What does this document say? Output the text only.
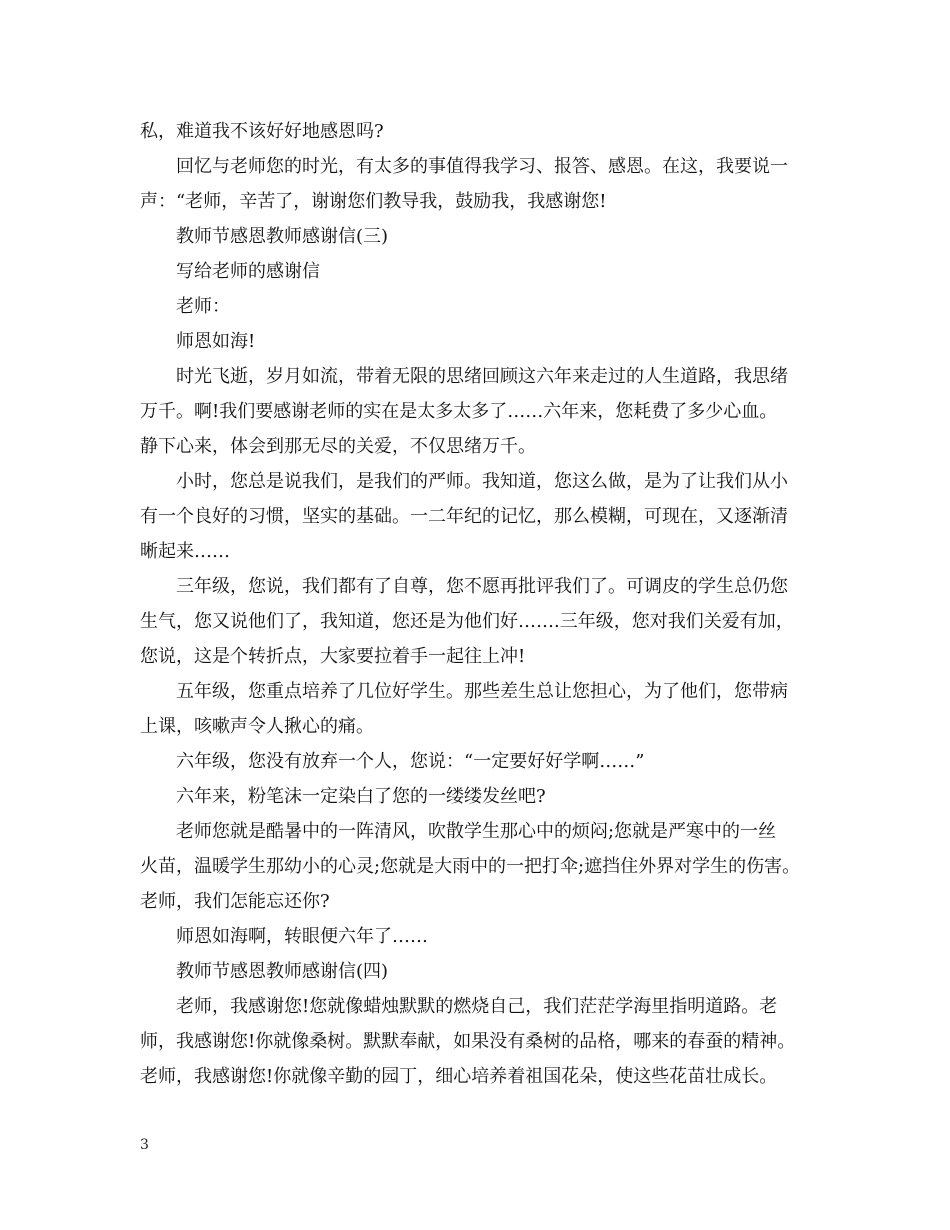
私，难道我不该好好地感恩吗?
回忆与老师您的时光，有太多的事值得我学习、报答、感恩。在这，我要说一
声：“老师，辛苦了，谢谢您们教导我，鼓励我，我感谢您!
教师节感恩教师感谢信(三)
写给老师的感谢信
老师：
师恩如海!
时光飞逝，岁月如流，带着无限的思绪回顾这六年来走过的人生道路，我思绪
万千。啊!我们要感谢老师的实在是太多太多了……六年来，您耗费了多少心血。
静下心来，体会到那无尽的关爱，不仅思绪万千。
小时，您总是说我们，是我们的严师。我知道，您这么做，是为了让我们从小
有一个良好的习惯，坚实的基础。一二年纪的记忆，那么模糊，可现在，又逐渐清
晰起来……
三年级，您说，我们都有了自尊，您不愿再批评我们了。可调皮的学生总仍您
生气，您又说他们了，我知道，您还是为他们好…….三年级，您对我们关爱有加，
您说，这是个转折点，大家要拉着手一起往上冲!
五年级，您重点培养了几位好学生。那些差生总让您担心，为了他们，您带病
上课，咳嗽声令人揪心的痛。
六年级，您没有放弃一个人，您说：“一定要好好学啊……”
六年来，粉笔沫一定染白了您的一缕缕发丝吧?
老师您就是酷暑中的一阵清风，吹散学生那心中的烦闷;您就是严寒中的一丝
火苗，温暖学生那幼小的心灵;您就是大雨中的一把打伞;遮挡住外界对学生的伤害。
老师，我们怎能忘还你?
师恩如海啊，转眼便六年了……
教师节感恩教师感谢信(四)
老师，我感谢您!您就像蜡烛默默的燃烧自己，我们茫茫学海里指明道路。老
师，我感谢您!你就像桑树。默默奉献，如果没有桑树的品格，哪来的春蚕的精神。
老师，我感谢您!你就像辛勤的园丁，细心培养着祖国花朵，使这些花苗壮成长。
3
